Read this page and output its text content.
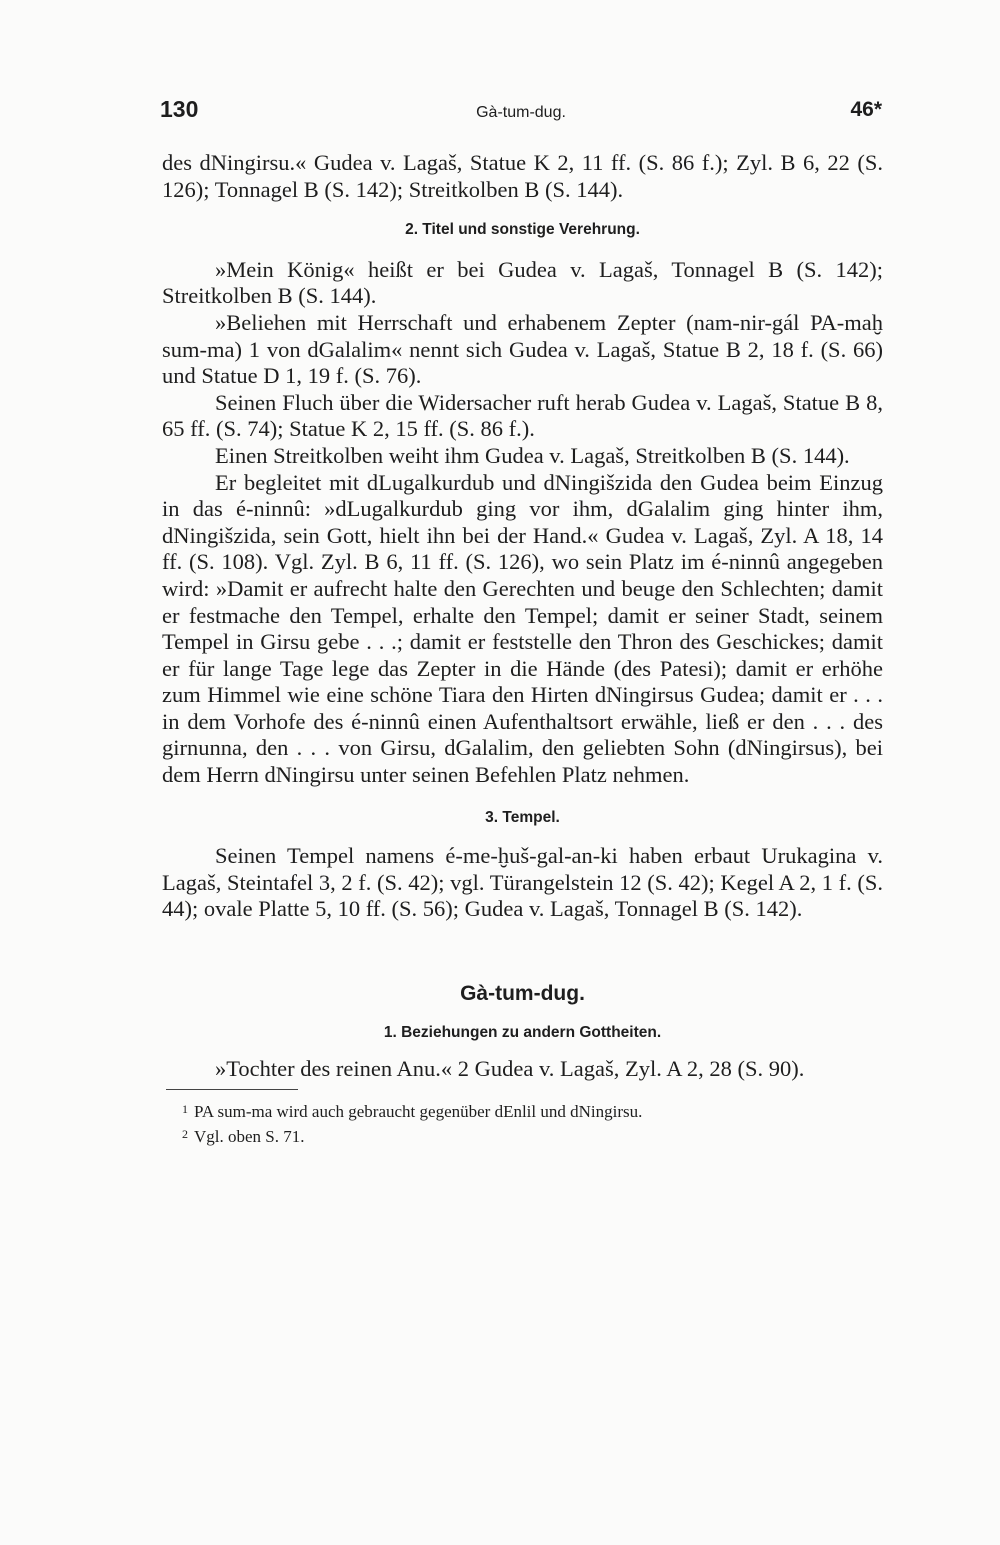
130	Gà-tum-dug.	46*

des dNingirsu.« Gudea v. Lagaš, Statue K 2, 11 ff. (S. 86 f.); Zyl. B 6, 22 (S. 126); Tonnagel B (S. 142); Streitkolben B (S. 144).

2. Titel und sonstige Verehrung.

»Mein König« heißt er bei Gudea v. Lagaš, Tonnagel B (S. 142); Streitkolben B (S. 144).

»Beliehen mit Herrschaft und erhabenem Zepter (nam-nir-gál PA-maḫ sum-ma) 1 von dGalalim« nennt sich Gudea v. Lagaš, Statue B 2, 18 f. (S. 66) und Statue D 1, 19 f. (S. 76).

Seinen Fluch über die Widersacher ruft herab Gudea v. Lagaš, Statue B 8, 65 ff. (S. 74); Statue K 2, 15 ff. (S. 86 f.).

Einen Streitkolben weiht ihm Gudea v. Lagaš, Streitkolben B (S. 144).

Er begleitet mit dLugalkurdub und dNingišzida den Gudea beim Einzug in das é-ninnû: »dLugalkurdub ging vor ihm, dGalalim ging hinter ihm, dNingišzida, sein Gott, hielt ihn bei der Hand.« Gudea v. Lagaš, Zyl. A 18, 14 ff. (S. 108). Vgl. Zyl. B 6, 11 ff. (S. 126), wo sein Platz im é-ninnû angegeben wird: »Damit er aufrecht halte den Gerechten und beuge den Schlechten; damit er festmache den Tempel, erhalte den Tempel; damit er seiner Stadt, seinem Tempel in Girsu gebe . . .; damit er feststelle den Thron des Geschickes; damit er für lange Tage lege das Zepter in die Hände (des Patesi); damit er erhöhe zum Himmel wie eine schöne Tiara den Hirten dNingirsus Gudea; damit er . . . in dem Vorhofe des é-ninnû einen Aufenthaltsort erwähle, ließ er den . . . des girnunna, den . . . von Girsu, dGalalim, den geliebten Sohn (dNingirsus), bei dem Herrn dNingirsu unter seinen Befehlen Platz nehmen.

3. Tempel.

Seinen Tempel namens é-me-ḫuš-gal-an-ki haben erbaut Urukagina v. Lagaš, Steintafel 3, 2 f. (S. 42); vgl. Türangelstein 12 (S. 42); Kegel A 2, 1 f. (S. 44); ovale Platte 5, 10 ff. (S. 56); Gudea v. Lagaš, Tonnagel B (S. 142).

Gà-tum-dug.
1. Beziehungen zu andern Gottheiten.

»Tochter des reinen Anu.« 2 Gudea v. Lagaš, Zyl. A 2, 28 (S. 90).

$^1$ PA sum-ma wird auch gebraucht gegenüber dEnlil und dNingirsu.

$^2$ Vgl. oben S. 71.
